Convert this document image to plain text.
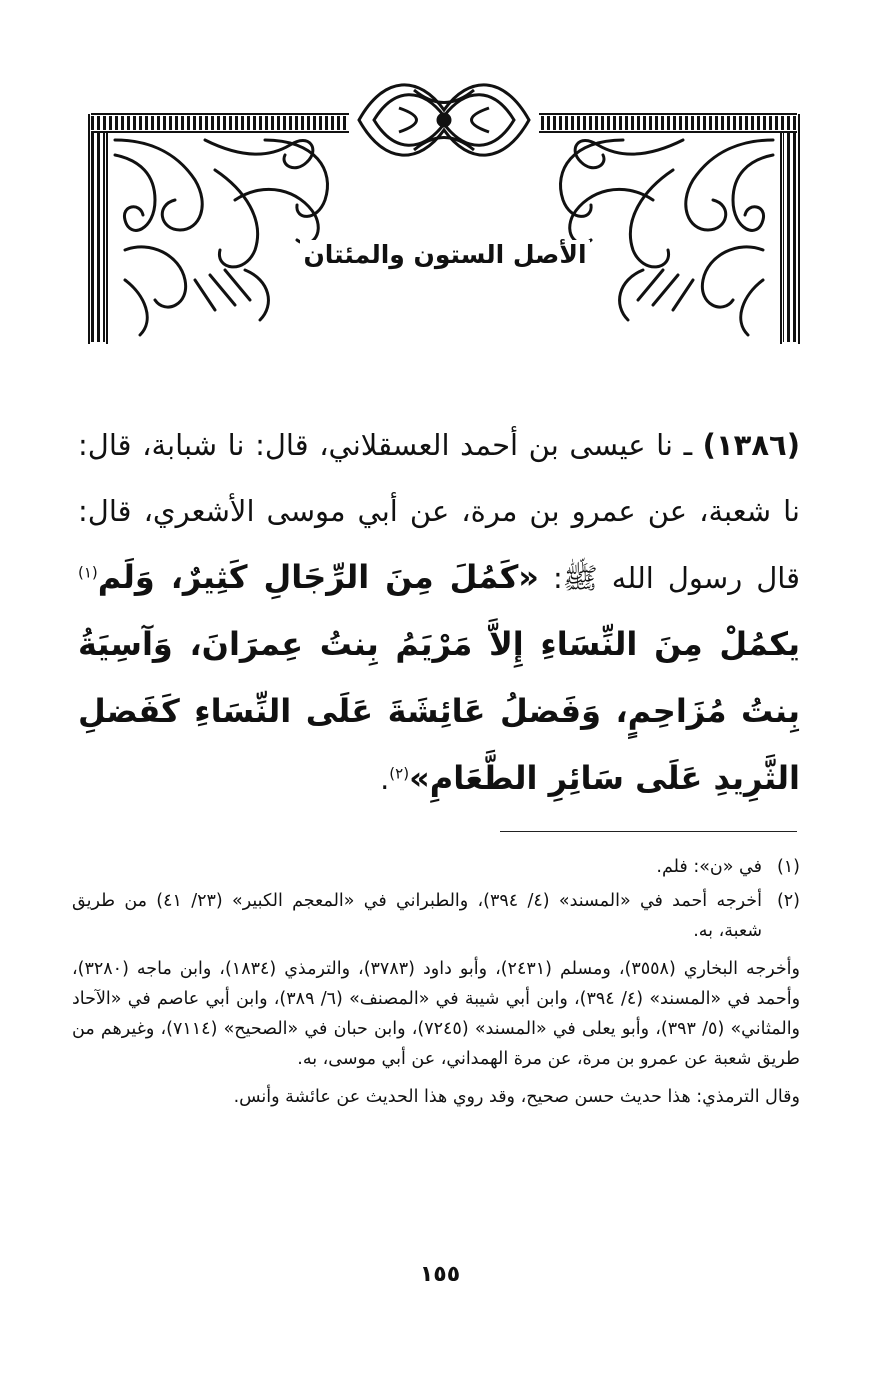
الأصل الستون والمئتان
(١٣٨٦) ـ نا عيسى بن أحمد العسقلاني، قال: نا شبابة، قال: نا شعبة، عن عمرو بن مرة، عن أبي موسى الأشعري، قال: قال رسول الله ﷺ: «كَمُلَ مِنَ الرِّجَالِ كَثِيرٌ، وَلَم$^{(١)}$ يكمُلْ مِنَ النِّسَاءِ إِلاَّ مَرْيَمُ بِنتُ عِمرَانَ، وَآسِيَةُ بِنتُ مُزَاحِمٍ، وَفَضلُ عَائِشَةَ عَلَى النِّسَاءِ كَفَضلِ الثَّرِيدِ عَلَى سَائِرِ الطَّعَامِ»$^{(٢)}$.

(١)
في «ن»: فلم.

(٢)
أخرجه أحمد في «المسند» (٤/ ٣٩٤)، والطبراني في «المعجم الكبير» (٢٣/ ٤١) من طريق شعبة، به.

وأخرجه البخاري (٣٥٥٨)، ومسلم (٢٤٣١)، وأبو داود (٣٧٨٣)، والترمذي (١٨٣٤)، وابن ماجه (٣٢٨٠)، وأحمد في «المسند» (٤/ ٣٩٤)، وابن أبي شيبة في «المصنف» (٦/ ٣٨٩)، وابن أبي عاصم في «الآحاد والمثاني» (٥/ ٣٩٣)، وأبو يعلى في «المسند» (٧٢٤٥)، وابن حبان في «الصحيح» (٧١١٤)، وغيرهم من طريق شعبة عن عمرو بن مرة، عن مرة الهمداني، عن أبي موسى، به.

وقال الترمذي: هذا حديث حسن صحيح، وقد روي هذا الحديث عن عائشة وأنس.

١٥٥
